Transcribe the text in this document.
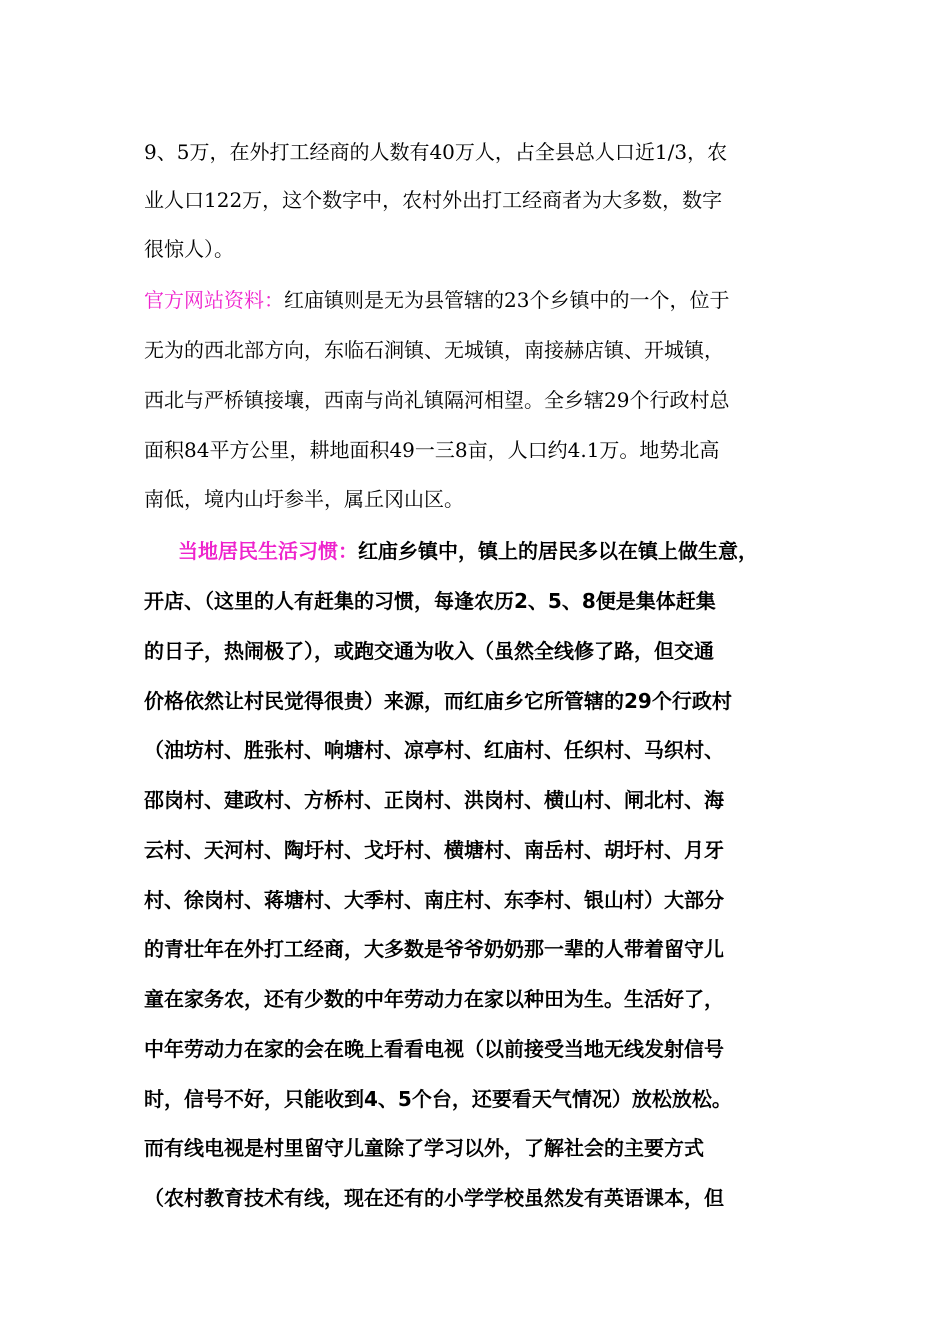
9、5万，在外打工经商的人数有40万人，占全县总人口近1/3，农
业人口122万，这个数字中，农村外出打工经商者为大多数，数字
很惊人）。
官方网站资料：红庙镇则是无为县管辖的23个乡镇中的一个，位于
无为的西北部方向，东临石涧镇、无城镇，南接赫店镇、开城镇，
西北与严桥镇接壤，西南与尚礼镇隔河相望。全乡辖29个行政村总
面积84平方公里，耕地面积49一三8亩，人口约4.1万。地势北高
南低，境内山圩参半，属丘冈山区。
当地居民生活习惯：红庙乡镇中，镇上的居民多以在镇上做生意，
开店、（这里的人有赶集的习惯，每逢农历2、5、8便是集体赶集
的日子，热闹极了），或跑交通为收入（虽然全线修了路，但交通
价格依然让村民觉得很贵）来源，而红庙乡它所管辖的29个行政村
（油坊村、胜张村、响塘村、凉亭村、红庙村、任织村、马织村、
邵岗村、建政村、方桥村、正岗村、洪岗村、横山村、闸北村、海
云村、天河村、陶圩村、戈圩村、横塘村、南岳村、胡圩村、月牙
村、徐岗村、蒋塘村、大季村、南庄村、东李村、银山村）大部分
的青壮年在外打工经商，大多数是爷爷奶奶那一辈的人带着留守儿
童在家务农，还有少数的中年劳动力在家以种田为生。生活好了，
中年劳动力在家的会在晚上看看电视（以前接受当地无线发射信号
时，信号不好，只能收到4、5个台，还要看天气情况）放松放松。
而有线电视是村里留守儿童除了学习以外，了解社会的主要方式
（农村教育技术有线，现在还有的小学学校虽然发有英语课本，但
